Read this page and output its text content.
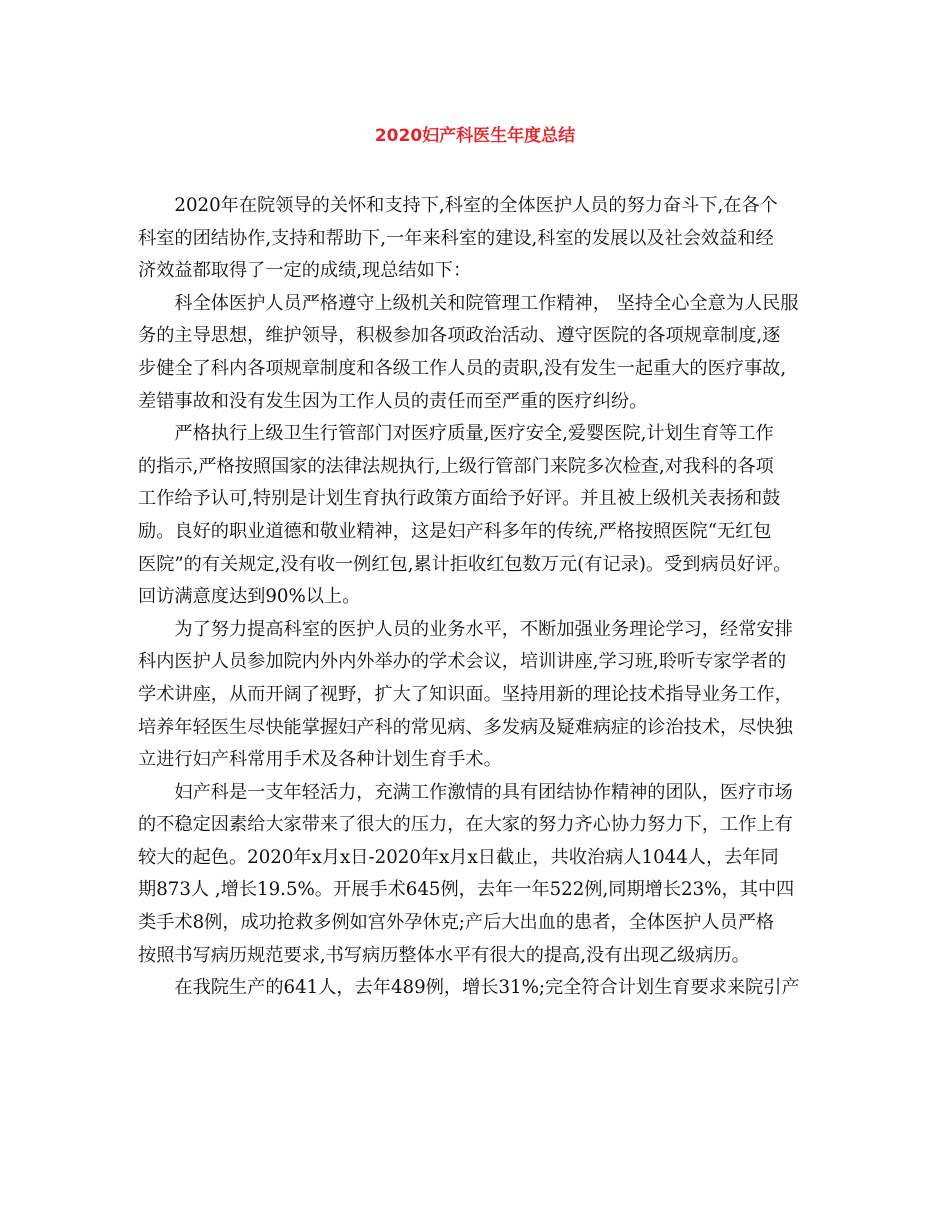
2020妇产科医生年度总结

2020年在院领导的关怀和支持下,科室的全体医护人员的努力奋斗下,在各个
科室的团结协作,支持和帮助下,一年来科室的建设,科室的发展以及社会效益和经
济效益都取得了一定的成绩,现总结如下：

科全体医护人员严格遵守上级机关和院管理工作精神， 坚持全心全意为人民服
务的主导思想，维护领导，积极参加各项政治活动、遵守医院的各项规章制度,逐
步健全了科内各项规章制度和各级工作人员的责职,没有发生一起重大的医疗事故,
差错事故和没有发生因为工作人员的责任而至严重的医疗纠纷。

严格执行上级卫生行管部门对医疗质量,医疗安全,爱婴医院,计划生育等工作
的指示,严格按照国家的法律法规执行,上级行管部门来院多次检查,对我科的各项
工作给予认可,特别是计划生育执行政策方面给予好评。并且被上级机关表扬和鼓
励。良好的职业道德和敬业精神，这是妇产科多年的传统,严格按照医院“无红包
医院”的有关规定,没有收一例红包,累计拒收红包数万元(有记录)。受到病员好评。
回访满意度达到90%以上。

为了努力提高科室的医护人员的业务水平，不断加强业务理论学习，经常安排
科内医护人员参加院内外内外举办的学术会议，培训讲座,学习班,聆听专家学者的
学术讲座，从而开阔了视野，扩大了知识面。坚持用新的理论技术指导业务工作，
培养年轻医生尽快能掌握妇产科的常见病、多发病及疑难病症的诊治技术，尽快独
立进行妇产科常用手术及各种计划生育手术。

妇产科是一支年轻活力，充满工作激情的具有团结协作精神的团队，医疗市场
的不稳定因素给大家带来了很大的压力，在大家的努力齐心协力努力下，工作上有
较大的起色。2020年x月x日-2020年x月x日截止，共收治病人1044人，去年同
期873人 ,增长19.5%。开展手术645例，去年一年522例,同期增长23%，其中四
类手术8例，成功抢救多例如宫外孕休克;产后大出血的患者，全体医护人员严格
按照书写病历规范要求,书写病历整体水平有很大的提高,没有出现乙级病历。

在我院生产的641人，去年489例，增长31%;完全符合计划生育要求来院引产
